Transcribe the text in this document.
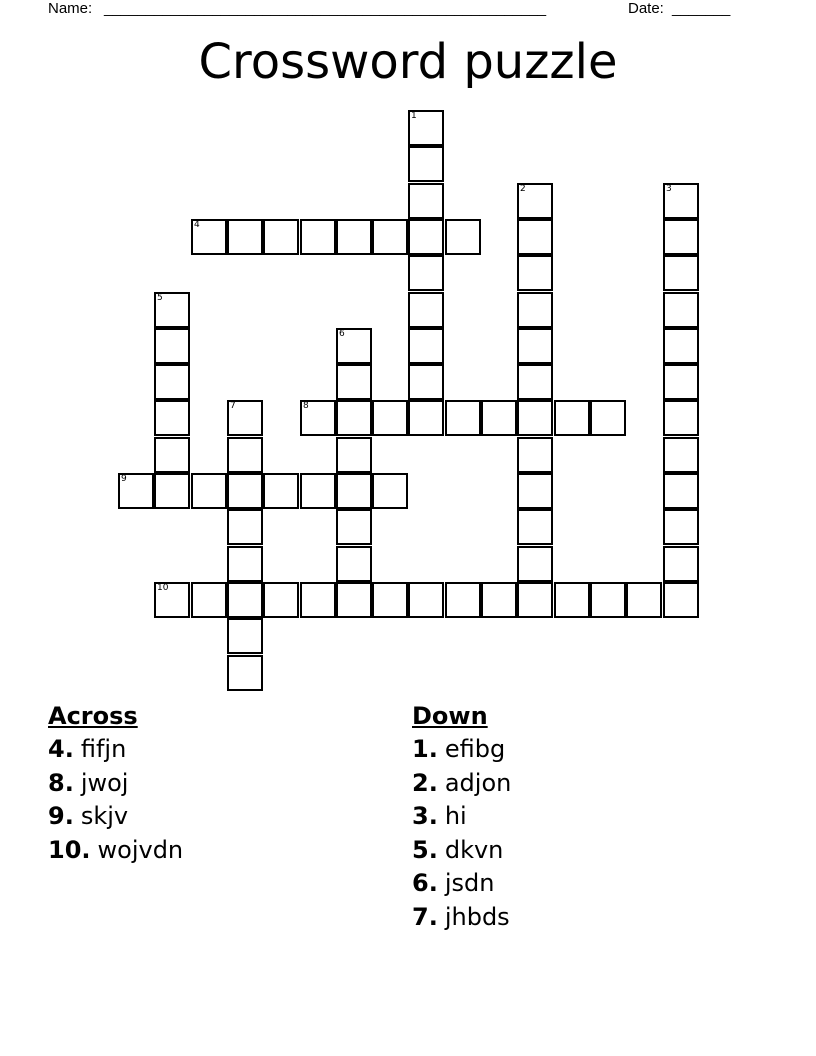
Name: _____________________________________________________	Date: _______
Crossword puzzle
1
2	3
4
5
6
7	8
9
10
Across
4. fifjn
8. jwoj
9. skjv
10. wojvdn
Down
1. efibg
2. adjon
3. hi
5. dkvn
6. jsdn
7. jhbds
